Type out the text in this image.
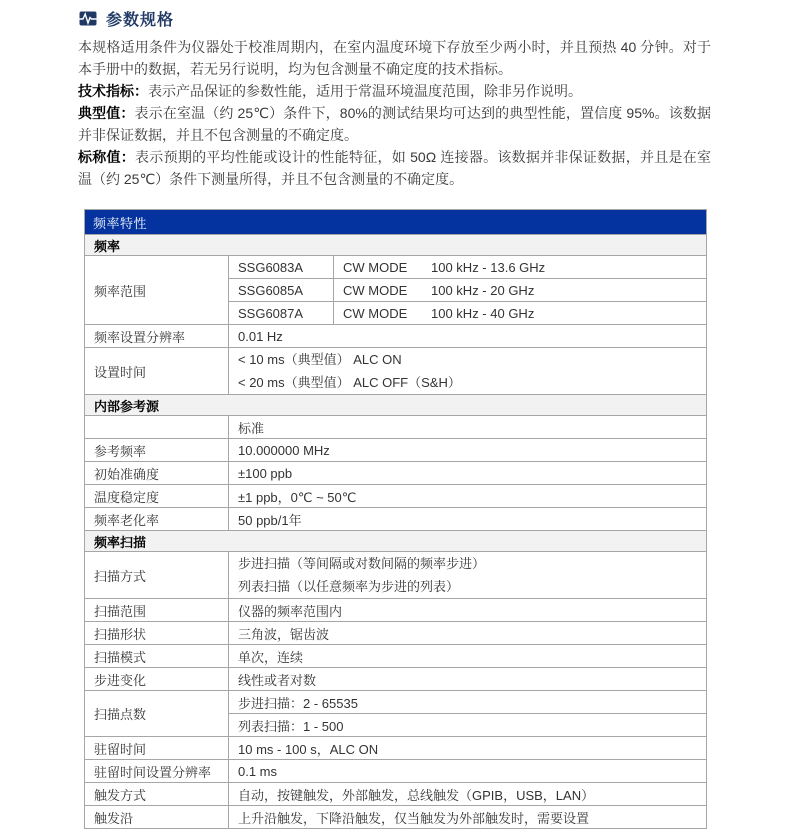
参数规格

本规格适用条件为仪器处于校准周期内，在室内温度环境下存放至少两小时，并且预热 40 分钟。对于本手册中的数据，若无另行说明，均为包含测量不确定度的技术指标。

技术指标：表示产品保证的参数性能，适用于常温环境温度范围，除非另作说明。

典型值：表示在室温（约 25℃）条件下，80%的测试结果均可达到的典型性能，置信度 95%。该数据并非保证数据，并且不包含测量的不确定度。

标称值：表示预期的平均性能或设计的性能特征，如 50Ω 连接器。该数据并非保证数据，并且是在室温（约 25℃）条件下测量所得，并且不包含测量的不确定度。

频率特性		
频率		
频率范围	SSG6083A	CW MODE 100 kHz - 13.6 GHz
	SSG6085A	CW MODE 100 kHz - 20 GHz
	SSG6087A	CW MODE 100 kHz - 40 GHz
频率设置分辨率	0.01 Hz	
设置时间	< 10 ms（典型值） ALC ON
< 20 ms（典型值） ALC OFF（S&H）	

内部参考源		
	标准	
参考频率	10.000000 MHz	
初始准确度	±100 ppb	
温度稳定度	±1 ppb，0℃ ~ 50℃	
频率老化率	50 ppb/1年	
频率扫描		
扫描方式	步进扫描（等间隔或对数间隔的频率步进）
列表扫描（以任意频率为步进的列表）	

扫描范围	仪器的频率范围内	
扫描形状	三角波，锯齿波	
扫描模式	单次，连续	
步进变化	线性或者对数	
扫描点数	步进扫描：2 - 65535	
	列表扫描：1 - 500	
驻留时间	10 ms - 100 s，ALC ON	
驻留时间设置分辨率	0.1 ms	
触发方式	自动，按键触发，外部触发，总线触发（GPIB，USB，LAN）	
触发沿	上升沿触发，下降沿触发，仅当触发为外部触发时，需要设置	
